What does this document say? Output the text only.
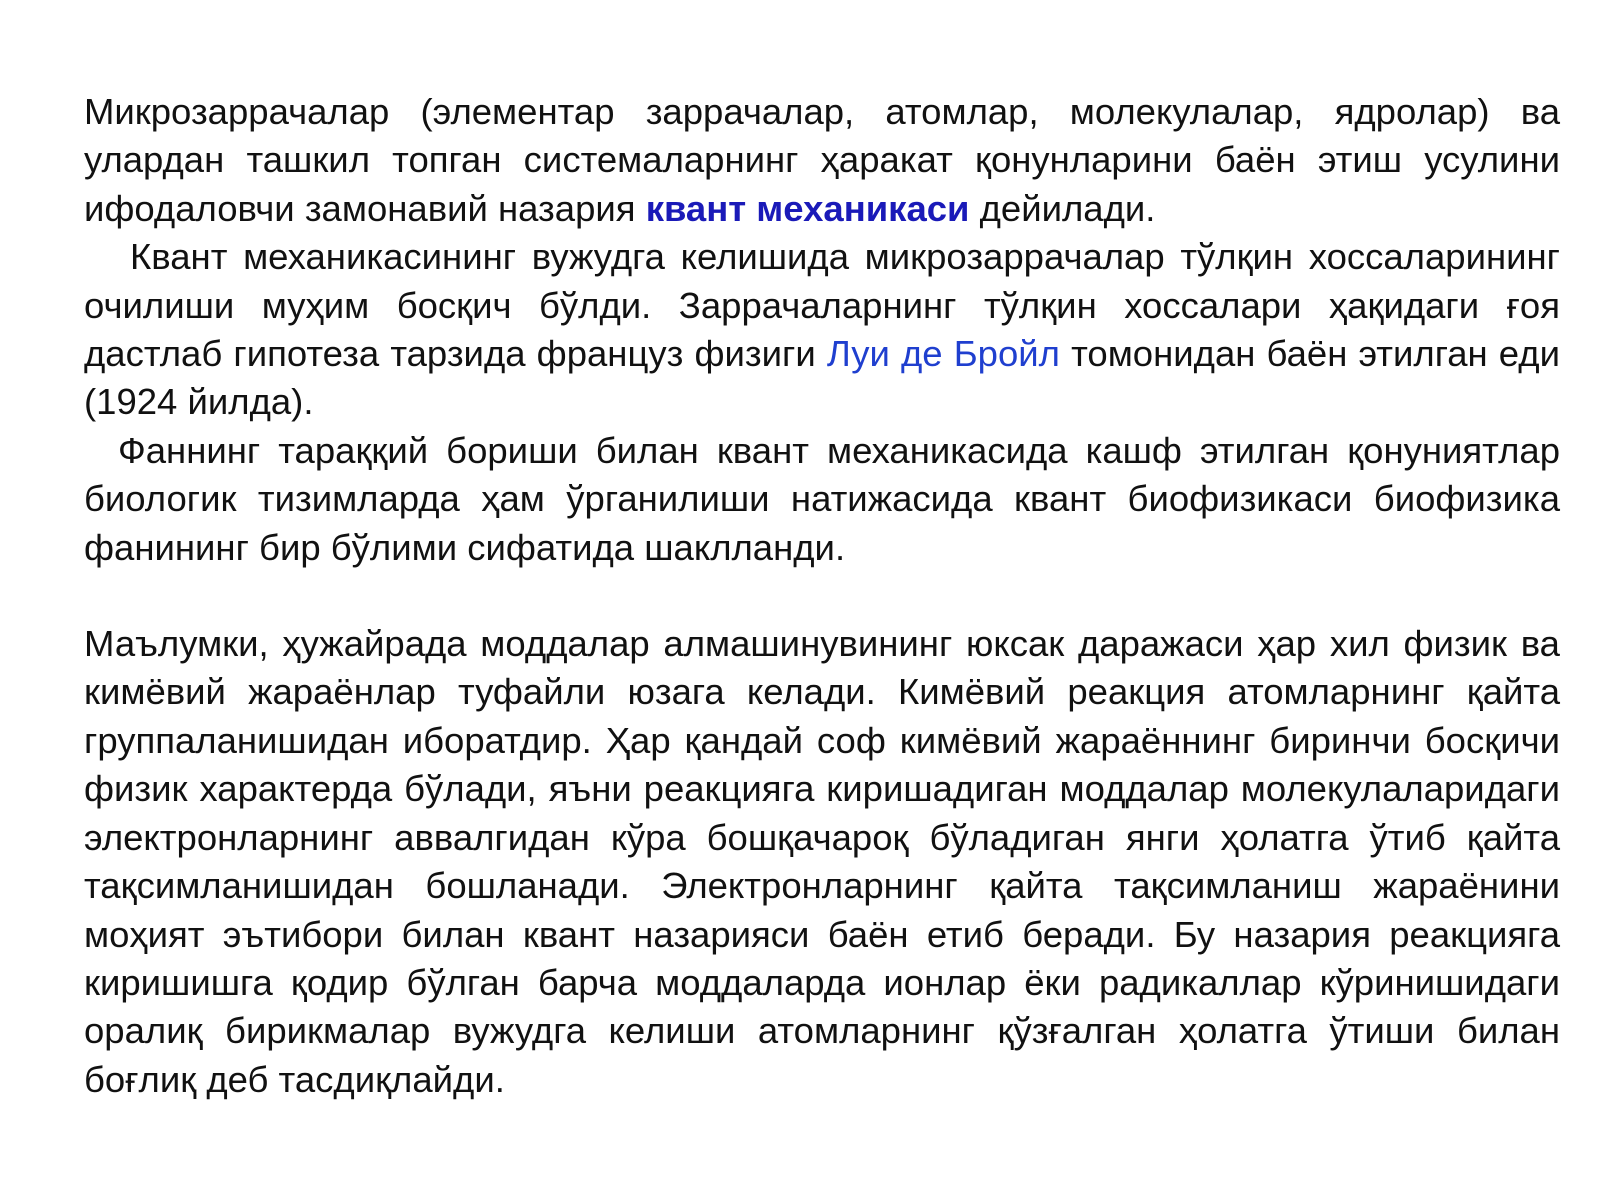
Микрозаррачалар (элементар заррачалар, атомлар, молекулалар, ядролар) ва улардан ташкил топган системаларнинг ҳаракат қонунларини баён этиш усулини ифодаловчи замонавий назария квант механикаси дейилади.

Квант механикасининг вужудга келишида микрозаррачалар тўлқин хоссаларининг очилиши муҳим босқич бўлди. Заррачаларнинг тўлқин хоссалари ҳақидаги ғоя дастлаб гипотеза тарзида француз физиги Луи де Бройл томонидан баён этилган еди (1924 йилда).

Фаннинг тараққий бориши билан квант механикасида кашф этилган қонуниятлар биологик тизимларда ҳам ўрганилиши натижасида квант биофизикаси биофизика фанининг бир бўлими сифатида шаклланди.

Маълумки, ҳужайрада моддалар алмашинувининг юксак даражаси ҳар хил физик ва кимёвий жараёнлар туфайли юзага келади. Кимёвий реакция атомларнинг қайта группаланишидан иборатдир. Ҳар қандай соф кимёвий жараённинг биринчи босқичи физик характерда бўлади, яъни реакцияга киришадиган моддалар молекулаларидаги электронларнинг аввалгидан кўра бошқачароқ бўладиган янги ҳолатга ўтиб қайта тақсимланишидан бошланади. Электронларнинг қайта тақсимланиш жараёнини моҳият эътибори билан квант назарияси баён етиб беради. Бу назария реакцияга киришишга қодир бўлган барча моддаларда ионлар ёки радикаллар кўринишидаги оралиқ бирикмалар вужудга келиши атомларнинг қўзғалган ҳолатга ўтиши билан боғлиқ деб тасдиқлайди.
